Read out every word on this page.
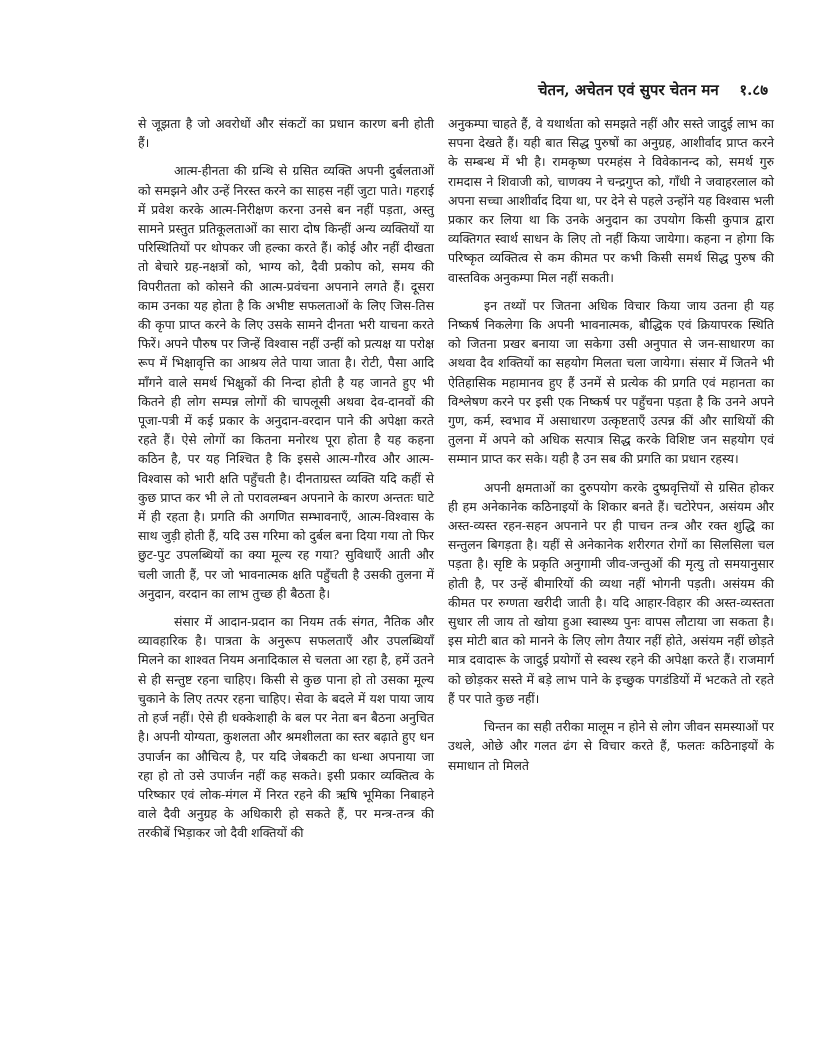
चेतन, अचेतन एवं सुपर चेतन मन १.८७

से जूझता है जो अवरोधों और संकटों का प्रधान कारण बनी होती हैं।

आत्म-हीनता की ग्रन्थि से ग्रसित व्यक्ति अपनी दुर्बलताओं को समझने और उन्हें निरस्त करने का साहस नहीं जुटा पाते। गहराई में प्रवेश करके आत्म-निरीक्षण करना उनसे बन नहीं पड़ता, अस्तु सामने प्रस्तुत प्रतिकूलताओं का सारा दोष किन्हीं अन्य व्यक्तियों या परिस्थितियों पर थोपकर जी हल्का करते हैं। कोई और नहीं दीखता तो बेचारे ग्रह-नक्षत्रों को, भाग्य को, दैवी प्रकोप को, समय की विपरीतता को कोसने की आत्म-प्रवंचना अपनाने लगते हैं। दूसरा काम उनका यह होता है कि अभीष्ट सफलताओं के लिए जिस-तिस की कृपा प्राप्त करने के लिए उसके सामने दीनता भरी याचना करते फिरें। अपने पौरुष पर जिन्हें विश्वास नहीं उन्हीं को प्रत्यक्ष या परोक्ष रूप में भिक्षावृत्ति का आश्रय लेते पाया जाता है। रोटी, पैसा आदि माँगने वाले समर्थ भिक्षुकों की निन्दा होती है यह जानते हुए भी कितने ही लोग सम्पन्न लोगों की चापलूसी अथवा देव-दानवों की पूजा-पत्री में कई प्रकार के अनुदान-वरदान पाने की अपेक्षा करते रहते हैं। ऐसे लोगों का कितना मनोरथ पूरा होता है यह कहना कठिन है, पर यह निश्चित है कि इससे आत्म-गौरव और आत्म-विश्वास को भारी क्षति पहुँचती है। दीनताग्रस्त व्यक्ति यदि कहीं से कुछ प्राप्त कर भी ले तो परावलम्बन अपनाने के कारण अन्ततः घाटे में ही रहता है। प्रगति की अगणित सम्भावनाएँ, आत्म-विश्वास के साथ जुड़ी होती हैं, यदि उस गरिमा को दुर्बल बना दिया गया तो फिर छुट-पुट उपलब्धियों का क्या मूल्य रह गया? सुविधाएँ आती और चली जाती हैं, पर जो भावनात्मक क्षति पहुँचती है उसकी तुलना में अनुदान, वरदान का लाभ तुच्छ ही बैठता है।

संसार में आदान-प्रदान का नियम तर्क संगत, नैतिक और व्यावहारिक है। पात्रता के अनुरूप सफलताएँ और उपलब्धियाँ मिलने का शाश्वत नियम अनादिकाल से चलता आ रहा है, हमें उतने से ही सन्तुष्ट रहना चाहिए। किसी से कुछ पाना हो तो उसका मूल्य चुकाने के लिए तत्पर रहना चाहिए। सेवा के बदले में यश पाया जाय तो हर्ज नहीं। ऐसे ही धक्केशाही के बल पर नेता बन बैठना अनुचित है। अपनी योग्यता, कुशलता और श्रमशीलता का स्तर बढ़ाते हुए धन उपार्जन का औचित्य है, पर यदि जेबकटी का धन्धा अपनाया जा रहा हो तो उसे उपार्जन नहीं कह सकते। इसी प्रकार व्यक्तित्व के परिष्कार एवं लोक-मंगल में निरत रहने की ऋषि भूमिका निबाहने वाले दैवी अनुग्रह के अधिकारी हो सकते हैं, पर मन्त्र-तन्त्र की तरकीबें भिड़ाकर जो दैवी शक्तियों की

अनुकम्पा चाहते हैं, वे यथार्थता को समझते नहीं और सस्ते जादुई लाभ का सपना देखते हैं। यही बात सिद्ध पुरुषों का अनुग्रह, आशीर्वाद प्राप्त करने के सम्बन्ध में भी है। रामकृष्ण परमहंस ने विवेकानन्द को, समर्थ गुरु रामदास ने शिवाजी को, चाणक्य ने चन्द्रगुप्त को, गाँधी ने जवाहरलाल को अपना सच्चा आशीर्वाद दिया था, पर देने से पहले उन्होंने यह विश्वास भली प्रकार कर लिया था कि उनके अनुदान का उपयोग किसी कुपात्र द्वारा व्यक्तिगत स्वार्थ साधन के लिए तो नहीं किया जायेगा। कहना न होगा कि परिष्कृत व्यक्तित्व से कम कीमत पर कभी किसी समर्थ सिद्ध पुरुष की वास्तविक अनुकम्पा मिल नहीं सकती।

इन तथ्यों पर जितना अधिक विचार किया जाय उतना ही यह निष्कर्ष निकलेगा कि अपनी भावनात्मक, बौद्धिक एवं क्रियापरक स्थिति को जितना प्रखर बनाया जा सकेगा उसी अनुपात से जन-साधारण का अथवा दैव शक्तियों का सहयोग मिलता चला जायेगा। संसार में जितने भी ऐतिहासिक महामानव हुए हैं उनमें से प्रत्येक की प्रगति एवं महानता का विश्लेषण करने पर इसी एक निष्कर्ष पर पहुँचना पड़ता है कि उनने अपने गुण, कर्म, स्वभाव में असाधारण उत्कृष्टताएँ उत्पन्न कीं और साथियों की तुलना में अपने को अधिक सत्पात्र सिद्ध करके विशिष्ट जन सहयोग एवं सम्मान प्राप्त कर सके। यही है उन सब की प्रगति का प्रधान रहस्य।

अपनी क्षमताओं का दुरुपयोग करके दुष्प्रवृत्तियों से ग्रसित होकर ही हम अनेकानेक कठिनाइयों के शिकार बनते हैं। चटोरेपन, असंयम और अस्त-व्यस्त रहन-सहन अपनाने पर ही पाचन तन्त्र और रक्त शुद्धि का सन्तुलन बिगड़ता है। यहीं से अनेकानेक शरीरगत रोगों का सिलसिला चल पड़ता है। सृष्टि के प्रकृति अनुगामी जीव-जन्तुओं की मृत्यु तो समयानुसार होती है, पर उन्हें बीमारियों की व्यथा नहीं भोगनी पड़ती। असंयम की कीमत पर रुग्णता खरीदी जाती है। यदि आहार-विहार की अस्त-व्यस्तता सुधार ली जाय तो खोया हुआ स्वास्थ्य पुनः वापस लौटाया जा सकता है। इस मोटी बात को मानने के लिए लोग तैयार नहीं होते, असंयम नहीं छोड़ते मात्र दवादारू के जादुई प्रयोगों से स्वस्थ रहने की अपेक्षा करते हैं। राजमार्ग को छोड़कर सस्ते में बड़े लाभ पाने के इच्छुक पगडंडियों में भटकते तो रहते हैं पर पाते कुछ नहीं।

चिन्तन का सही तरीका मालूम न होने से लोग जीवन समस्याओं पर उथले, ओछे और गलत ढंग से विचार करते हैं, फलतः कठिनाइयों के समाधान तो मिलते
